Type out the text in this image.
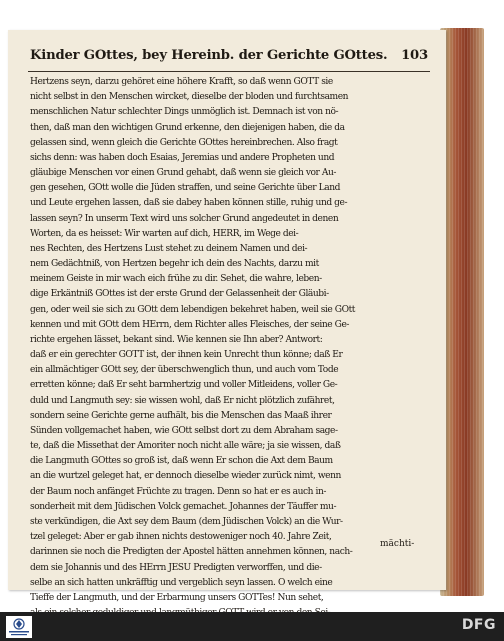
Kinder GOttes, bey Hereinb. der Gerichte GOttes. 103
Hertzens seyn, darzu gehöret eine höhere Krafft, so daß wenn GOTT sie
nicht selbst in den Menschen wircket, dieselbe der bloden und furchtsamen
menschlichen Natur schlechter Dings unmöglich ist. Demnach ist von nö-
then, daß man den wichtigen Grund erkenne, den diejenigen haben, die da
gelassen sind, wenn gleich die Gerichte GOttes hereinbrechen. Also fragt
sichs denn: was haben doch Esaias, Jeremias und andere Propheten und
gläubige Menschen vor einen Grund gehabt, daß wenn sie gleich vor Au-
gen gesehen, GOtt wolle die Jüden straffen, und seine Gerichte über Land
und Leute ergehen lassen, daß sie dabey haben können stille, ruhig und ge-
lassen seyn? In unserm Text wird uns solcher Grund angedeutet in denen
Worten, da es heisset: Wir warten auf dich, HERR, im Wege dei-
nes Rechten, des Hertzens Lust stehet zu deinem Namen und dei-
nem Gedächtniß, von Hertzen begehr ich dein des Nachts, darzu mit
meinem Geiste in mir wach eich frühe zu dir. Sehet, die wahre, leben-
dige Erkäntniß GOttes ist der erste Grund der Gelassenheit der Gläubi-
gen, oder weil sie sich zu GOtt dem lebendigen bekehret haben, weil sie GOtt
kennen und mit GOtt dem HErrn, dem Richter alles Fleisches, der seine Ge-
richte ergehen lässet, bekant sind. Wie kennen sie Ihn aber? Antwort:
daß er ein gerechter GOTT ist, der ihnen kein Unrecht thun könne; daß Er
ein allmächtiger GOtt sey, der überschwenglich thun, und auch vom Tode
erretten könne; daß Er seht barmhertzig und voller Mitleidens, voller Ge-
duld und Langmuth sey: sie wissen wohl, daß Er nicht plötzlich zufähret,
sondern seine Gerichte gerne aufhält, bis die Menschen das Maaß ihrer
Sünden vollgemachet haben, wie GOtt selbst dort zu dem Abraham sage-
te, daß die Missethat der Amoriter noch nicht alle wäre; ja sie wissen, daß
die Langmuth GOttes so groß ist, daß wenn Er schon die Axt dem Baum
an die wurtzel geleget hat, er dennoch dieselbe wieder zurück nimt, wenn
der Baum noch anfänget Früchte zu tragen. Denn so hat er es auch in-
sonderheit mit dem Jüdischen Volck gemachet. Johannes der Täuffer mu-
ste verkündigen, die Axt sey dem Baum (dem Jüdischen Volck) an die Wur-
tzel geleget: Aber er gab ihnen nichts destoweniger noch 40. Jahre Zeit,
darinnen sie noch die Predigten der Apostel hätten annehmen können, nach-
dem sie Johannis und des HErrn JESU Predigten verworffen, und die-
selbe an sich hatten unkräfftig und vergeblich seyn lassen. O welch eine
Tieffe der Langmuth, und der Erbarmung unsers GOTTes! Nun sehet,
mächti-
DFG
